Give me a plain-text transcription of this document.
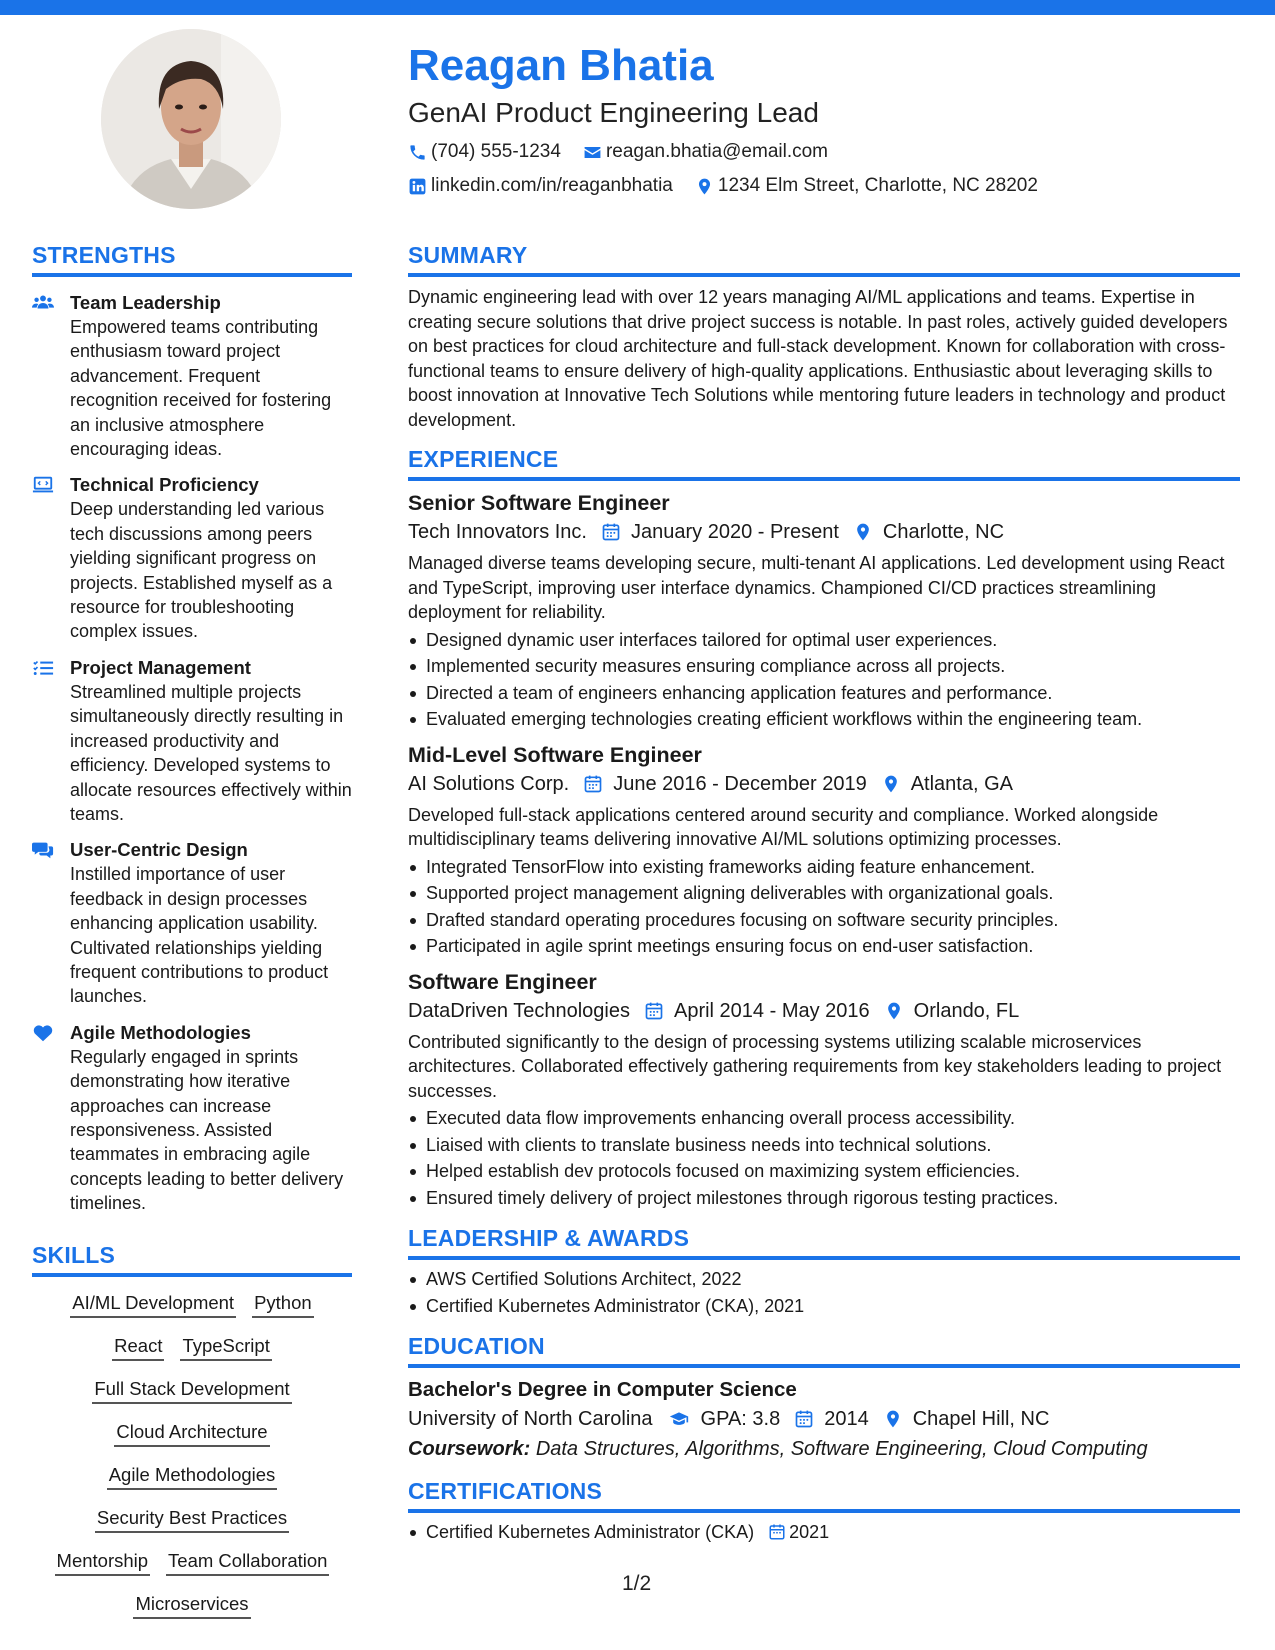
Reagan Bhatia
GenAI Product Engineering Lead
(704) 555-1234 reagan.bhatia@email.com
linkedin.com/in/reaganbhatia 1234 Elm Street, Charlotte, NC 28202
STRENGTHS
Team Leadership
Empowered teams contributing enthusiasm toward project advancement. Frequent recognition received for fostering an inclusive atmosphere encouraging ideas.
Technical Proficiency
Deep understanding led various tech discussions among peers yielding significant progress on projects. Established myself as a resource for troubleshooting complex issues.
Project Management
Streamlined multiple projects simultaneously directly resulting in increased productivity and efficiency. Developed systems to allocate resources effectively within teams.
User-Centric Design
Instilled importance of user feedback in design processes enhancing application usability. Cultivated relationships yielding frequent contributions to product launches.
Agile Methodologies
Regularly engaged in sprints demonstrating how iterative approaches can increase responsiveness. Assisted teammates in embracing agile concepts leading to better delivery timelines.
SKILLS
AI/ML Development Python
React TypeScript
Full Stack Development
Cloud Architecture
Agile Methodologies
Security Best Practices
Mentorship Team Collaboration
Microservices
SUMMARY
Dynamic engineering lead with over 12 years managing AI/ML applications and teams. Expertise in creating secure solutions that drive project success is notable. In past roles, actively guided developers on best practices for cloud architecture and full-stack development. Known for collaboration with cross-functional teams to ensure delivery of high-quality applications. Enthusiastic about leveraging skills to boost innovation at Innovative Tech Solutions while mentoring future leaders in technology and product development.
EXPERIENCE
Senior Software Engineer
Tech Innovators Inc. January 2020 - Present Charlotte, NC
Managed diverse teams developing secure, multi-tenant AI applications. Led development using React and TypeScript, improving user interface dynamics. Championed CI/CD practices streamlining deployment for reliability.
Designed dynamic user interfaces tailored for optimal user experiences.
Implemented security measures ensuring compliance across all projects.
Directed a team of engineers enhancing application features and performance.
Evaluated emerging technologies creating efficient workflows within the engineering team.
Mid-Level Software Engineer
AI Solutions Corp. June 2016 - December 2019 Atlanta, GA
Developed full-stack applications centered around security and compliance. Worked alongside multidisciplinary teams delivering innovative AI/ML solutions optimizing processes.
Integrated TensorFlow into existing frameworks aiding feature enhancement.
Supported project management aligning deliverables with organizational goals.
Drafted standard operating procedures focusing on software security principles.
Participated in agile sprint meetings ensuring focus on end-user satisfaction.
Software Engineer
DataDriven Technologies April 2014 - May 2016 Orlando, FL
Contributed significantly to the design of processing systems utilizing scalable microservices architectures. Collaborated effectively gathering requirements from key stakeholders leading to project successes.
Executed data flow improvements enhancing overall process accessibility.
Liaised with clients to translate business needs into technical solutions.
Helped establish dev protocols focused on maximizing system efficiencies.
Ensured timely delivery of project milestones through rigorous testing practices.
LEADERSHIP & AWARDS
AWS Certified Solutions Architect, 2022
Certified Kubernetes Administrator (CKA), 2021
EDUCATION
Bachelor's Degree in Computer Science
University of North Carolina GPA: 3.8 2014 Chapel Hill, NC
Coursework: Data Structures, Algorithms, Software Engineering, Cloud Computing
CERTIFICATIONS
Certified Kubernetes Administrator (CKA) 2021
1/2
